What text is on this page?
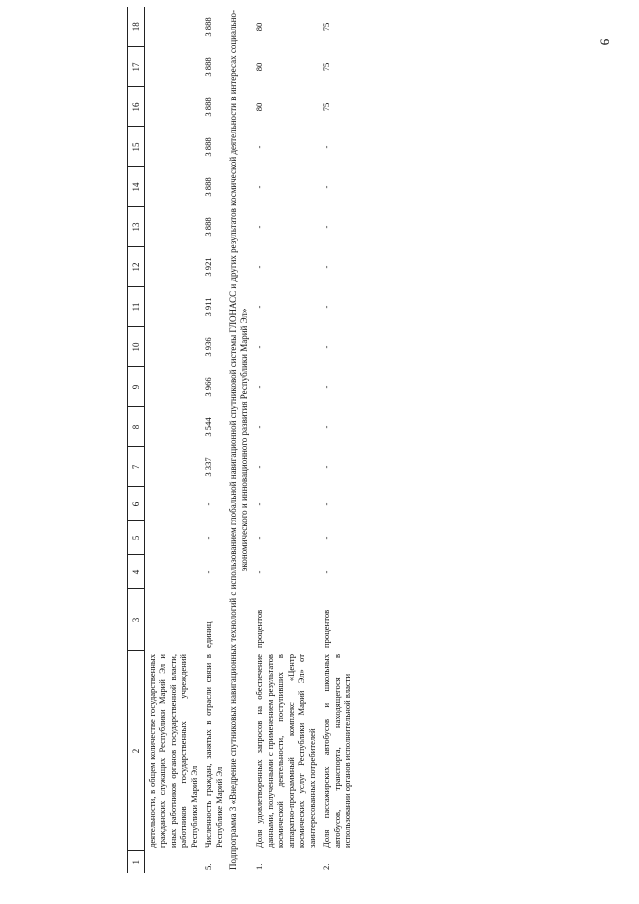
9
1	2	3	4	5	6	7	8	9	10	11	12	13	14	15	16	17	18
	деятельности, в общем количестве государственных гражданских служащих Республики Марий Эл и иных работников органов государственной власти, работников государственных учреждений Республики Марий Эл																
5.	Численность граждан, занятых в отрасли связи в Республике Марий Эл	единиц	-	-	-	3 337	3 544	3 966	3 936	3 911	3 921	3 888	3 888	3 888	3 888	3 888	3 888
Подпрограмма 3 «Внедрение спутниковых навигационных технологий с использованием глобальной навигационной спутниковой системы ГЛОНАСС и других результатов космической деятельности в интересах социально-экономического и инновационного развития Республики Марий Эл»																	
1.	Доля удовлетворенных запросов на обеспечение данными, полученными с применением результатов космической деятельности, поступивших в аппаратно-программный комплекс «Центр космических услуг Республики Марий Эл» от заинтересованных потребителей	процентов	-	-	-	-	-	-	-	-	-	-	-	-	80	80	80
2.	Доля пассажирских автобусов и школьных автобусов, транспорта, находящегося в использовании органов исполнительной власти	процентов	-	-	-	-	-	-	-	-	-	-	-	-	75	75	75
